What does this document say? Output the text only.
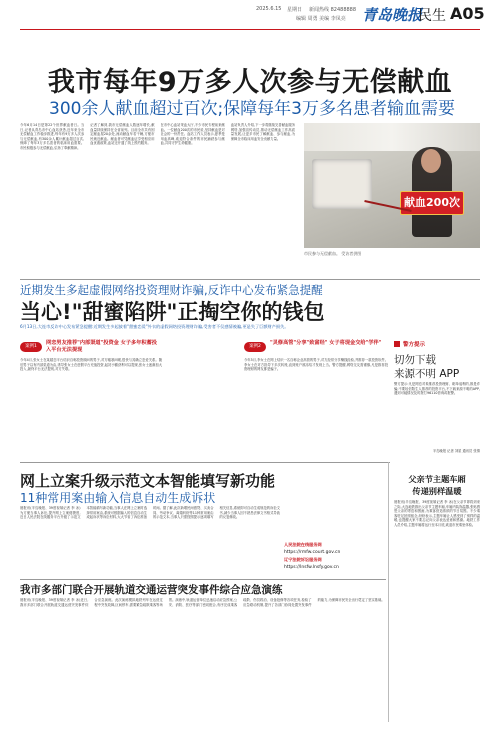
2025.6.15 星期日 新闻热线 82488888
编辑 周勇 美编 李凤亮 青岛晚报
民生 A05
我市每年9万多人次参与无偿献血
300余人献血超过百次;保障每年3万多名患者输血需要
今年6月14日是第22个世界献血者日。当日,记者从青岛市中心血站获悉,近年来全市无偿献血工作稳步推进,每年有9万多人次参与无偿献血,有300余人累计献血超过百次,保障了每年3万多名患者的临床用血需要。市民积极参与无偿献血,弘扬了奉献精神。
记者了解到,我市无偿献血人数逐年增长,献血量持续保持在全省前列。目前全市共有固定献血屋20余处,流动献血车若干辆,方便市民就近献血。献血者可凭献血证享受相应用血优惠政策,血站还开通了线上预约服务。
在市中心血站采血大厅,不少市民专程前来献血。一位献血200次的市民说,坚持献血是对社会的一份责任。血站工作人员表示,夏季是用血高峰,欢迎符合条件的市民踊跃参与献血,共同守护生命健康。
血站负责人介绍,下一步将继续完善献血服务网络,加强宣传动员,推动无偿献血工作高质量发展,让更多市民了解献血、参与献血,为保障全市临床用血安全贡献力量。
献血200次
市民参与无偿献血。 受访者供图
近期发生多起虚假网络投资理财诈骗,反诈中心发布紧急提醒
当心!"甜蜜陷阱"正掏空你的钱包
6月13日,大连市反诈中心发布紧急提醒:近期发生多起披着"甜蜜恋爱"外衣的虚假网络投资理财诈骗,受害者不仅感情被骗,更是失了巨额财产损失。
案例1
网恋男友推荐"内部渠道"投资金 女子多年积蓄投入平台无法提现
今年4月,张女士在某婚恋平台结识自称投资顾问的男子,对方嘘寒问暖,很快与其确立恋爱关系。随后男子以有内部渠道为由,诱导张女士在虚假平台充值投资,起初小额获利可以提现,张女士逐渐加大投入,最终平台无法提现,对方失联。
案例2
"灵修高管"分享"致富经" 女子将现金交给"学伴"
今年5月,李女士在网上结识一名自称企业高管的男子,对方经常分享赚钱经验,并推荐一款投资软件。李女士在对方指导下多次转账,直到账户被冻结才发现上当。警方提醒,网络交友需谨慎,凡是推荐投资理财的网友都是骗子。
警方提示
切勿下载
来源不明 APP
警方提示:凡是网恋对象推荐投资理财、刷单返利的,都是诈骗;不要轻信陌生人推荐的投资平台,不下载来源不明的APP,遇到可疑情况及时拨打96110咨询或报警。
半岛晚报 记者 刘星 通讯员 张倩
网上立案升级示范文本智能填写新功能
11种常用案由输入信息自动生成诉状
晨报讯(半岛晚报、39度视频记者 李 冰)为方便当事人诉讼,提升网上立案便捷度,近日人民法院在线服务平台升级了示范文本智能填写新功能,当事人在网上立案时选择常用案由,系统可根据输入的信息自动生成起诉状等诉讼材料,大大节省了诉讼准备时间。据了解,此次新增民间借贷、买卖合同、劳动争议、离婚纠纷等11种常用案由的示范文本,当事人只需按照提示逐项填写相关信息,系统即可自动生成规范的诉讼文书,减少当事人因不熟悉法律文书格式导致的反复修改。
人民法院在线服务网
https://rmfw.court.gov.cn
辽宁法院诉讼服务网
https://lnsfw.lnsfy.gov.cn
我市多部门联合开展轨道交通运营突发事件综合应急演练
晨报讯(半岛晚报、39度视频记者 李 冰)近日,我市多部门联合开展轨道交通运营突发事件综合应急演练。此次演练模拟地铁列车在运营过程中突发故障,区间停车,需要紧急疏散乘客等场景。演练中,轨道运营单位迅速启动应急预案,公安、消防、医疗等部门密切配合,有序完成乘客疏散、伤员救治、设备抢修等各项任务,检验了应急联动机制,提升了各部门协同处置突发事件的能力,为保障市民安全出行奠定了坚实基础。
父亲节主题车厢
传递别样温暖
晨报讯(半岛晚报、39度视频记者 李 冰)在父亲节即将到来之际,大连地铁推出父亲节主题车厢,车厢内装饰温馨,张贴感恩父亲的寄语和图画,为乘客营造浓浓的节日氛围。不少乘客驻足拍照留念,纷纷表示,主题车厢让人感受到了别样的温暖,也提醒大家不要忘记向父亲表达爱意和感谢。地铁工作人员介绍,主题车厢将运行至本月底,欢迎市民乘坐体验。
